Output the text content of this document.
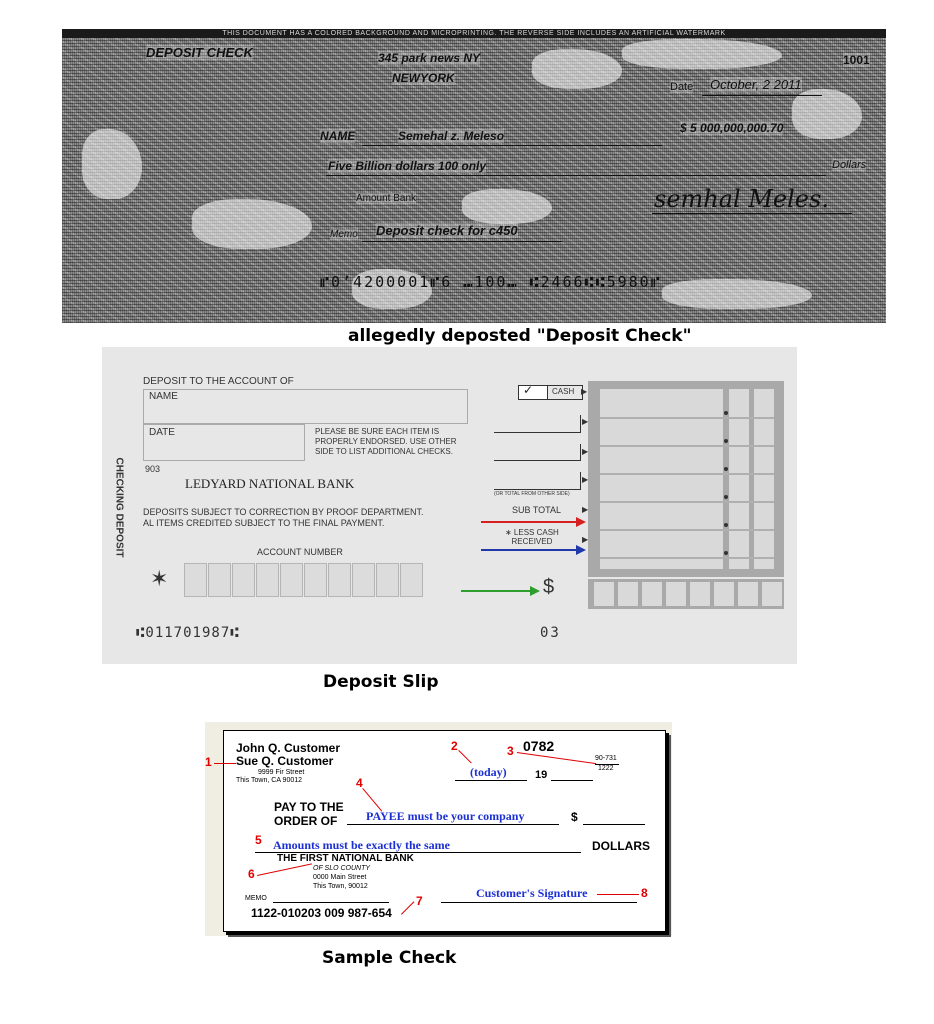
THIS DOCUMENT HAS A COLORED BACKGROUND AND MICROPRINTING. THE REVERSE SIDE INCLUDES AN ARTIFICIAL WATERMARK
DEPOSIT CHECK	345 park news NY
NEWYORK
1001
Date October, 2 2011
NAME	Semehal z. Meleso
$ 5 000,000,000.70
Five Billion dollars 100 only	Dollars
Amount Bank	semhal Meles.
Memo Deposit check for c450
⑈0ʼ4200001⑈6 ⑉100⑉ ⑆2466⑆⑆5980⑈
allegedly deposted "Deposit Check"
CHECKING DEPOSIT
DEPOSIT TO THE ACCOUNT OF
NAME
DATE	PLEASE BE SURE EACH ITEM IS
PROPERLY ENDORSED. USE OTHER
SIDE TO LIST ADDITIONAL CHECKS.
903
LEDYARD NATIONAL BANK
DEPOSITS SUBJECT TO CORRECTION BY PROOF DEPARTMENT.
AL ITEMS CREDITED SUBJECT TO THE FINAL PAYMENT.
ACCOUNT NUMBER
✶
⑆011701987⑆	03
✓ CASH ▶
▶
▶
▶
(OR TOTAL FROM OTHER SIDE)
SUB TOTAL	▶
∗ LESS CASH
RECEIVED	▶
$
Deposit Slip
John Q. Customer
Sue Q. Customer
9999 Fir Street
This Town, CA 90012
0782
(today)	19
90-731
1222
PAY TO THE
ORDER OF PAYEE must be your company	$
Amounts must be exactly the same	DOLLARS
THE FIRST NATIONAL BANK
OF SLO COUNTY
0000 Main Street
This Town, 90012
MEMO
1122-010203 009 987-654
Customer's Signature
1
2	3
4
5
6
7
8
Sample Check
